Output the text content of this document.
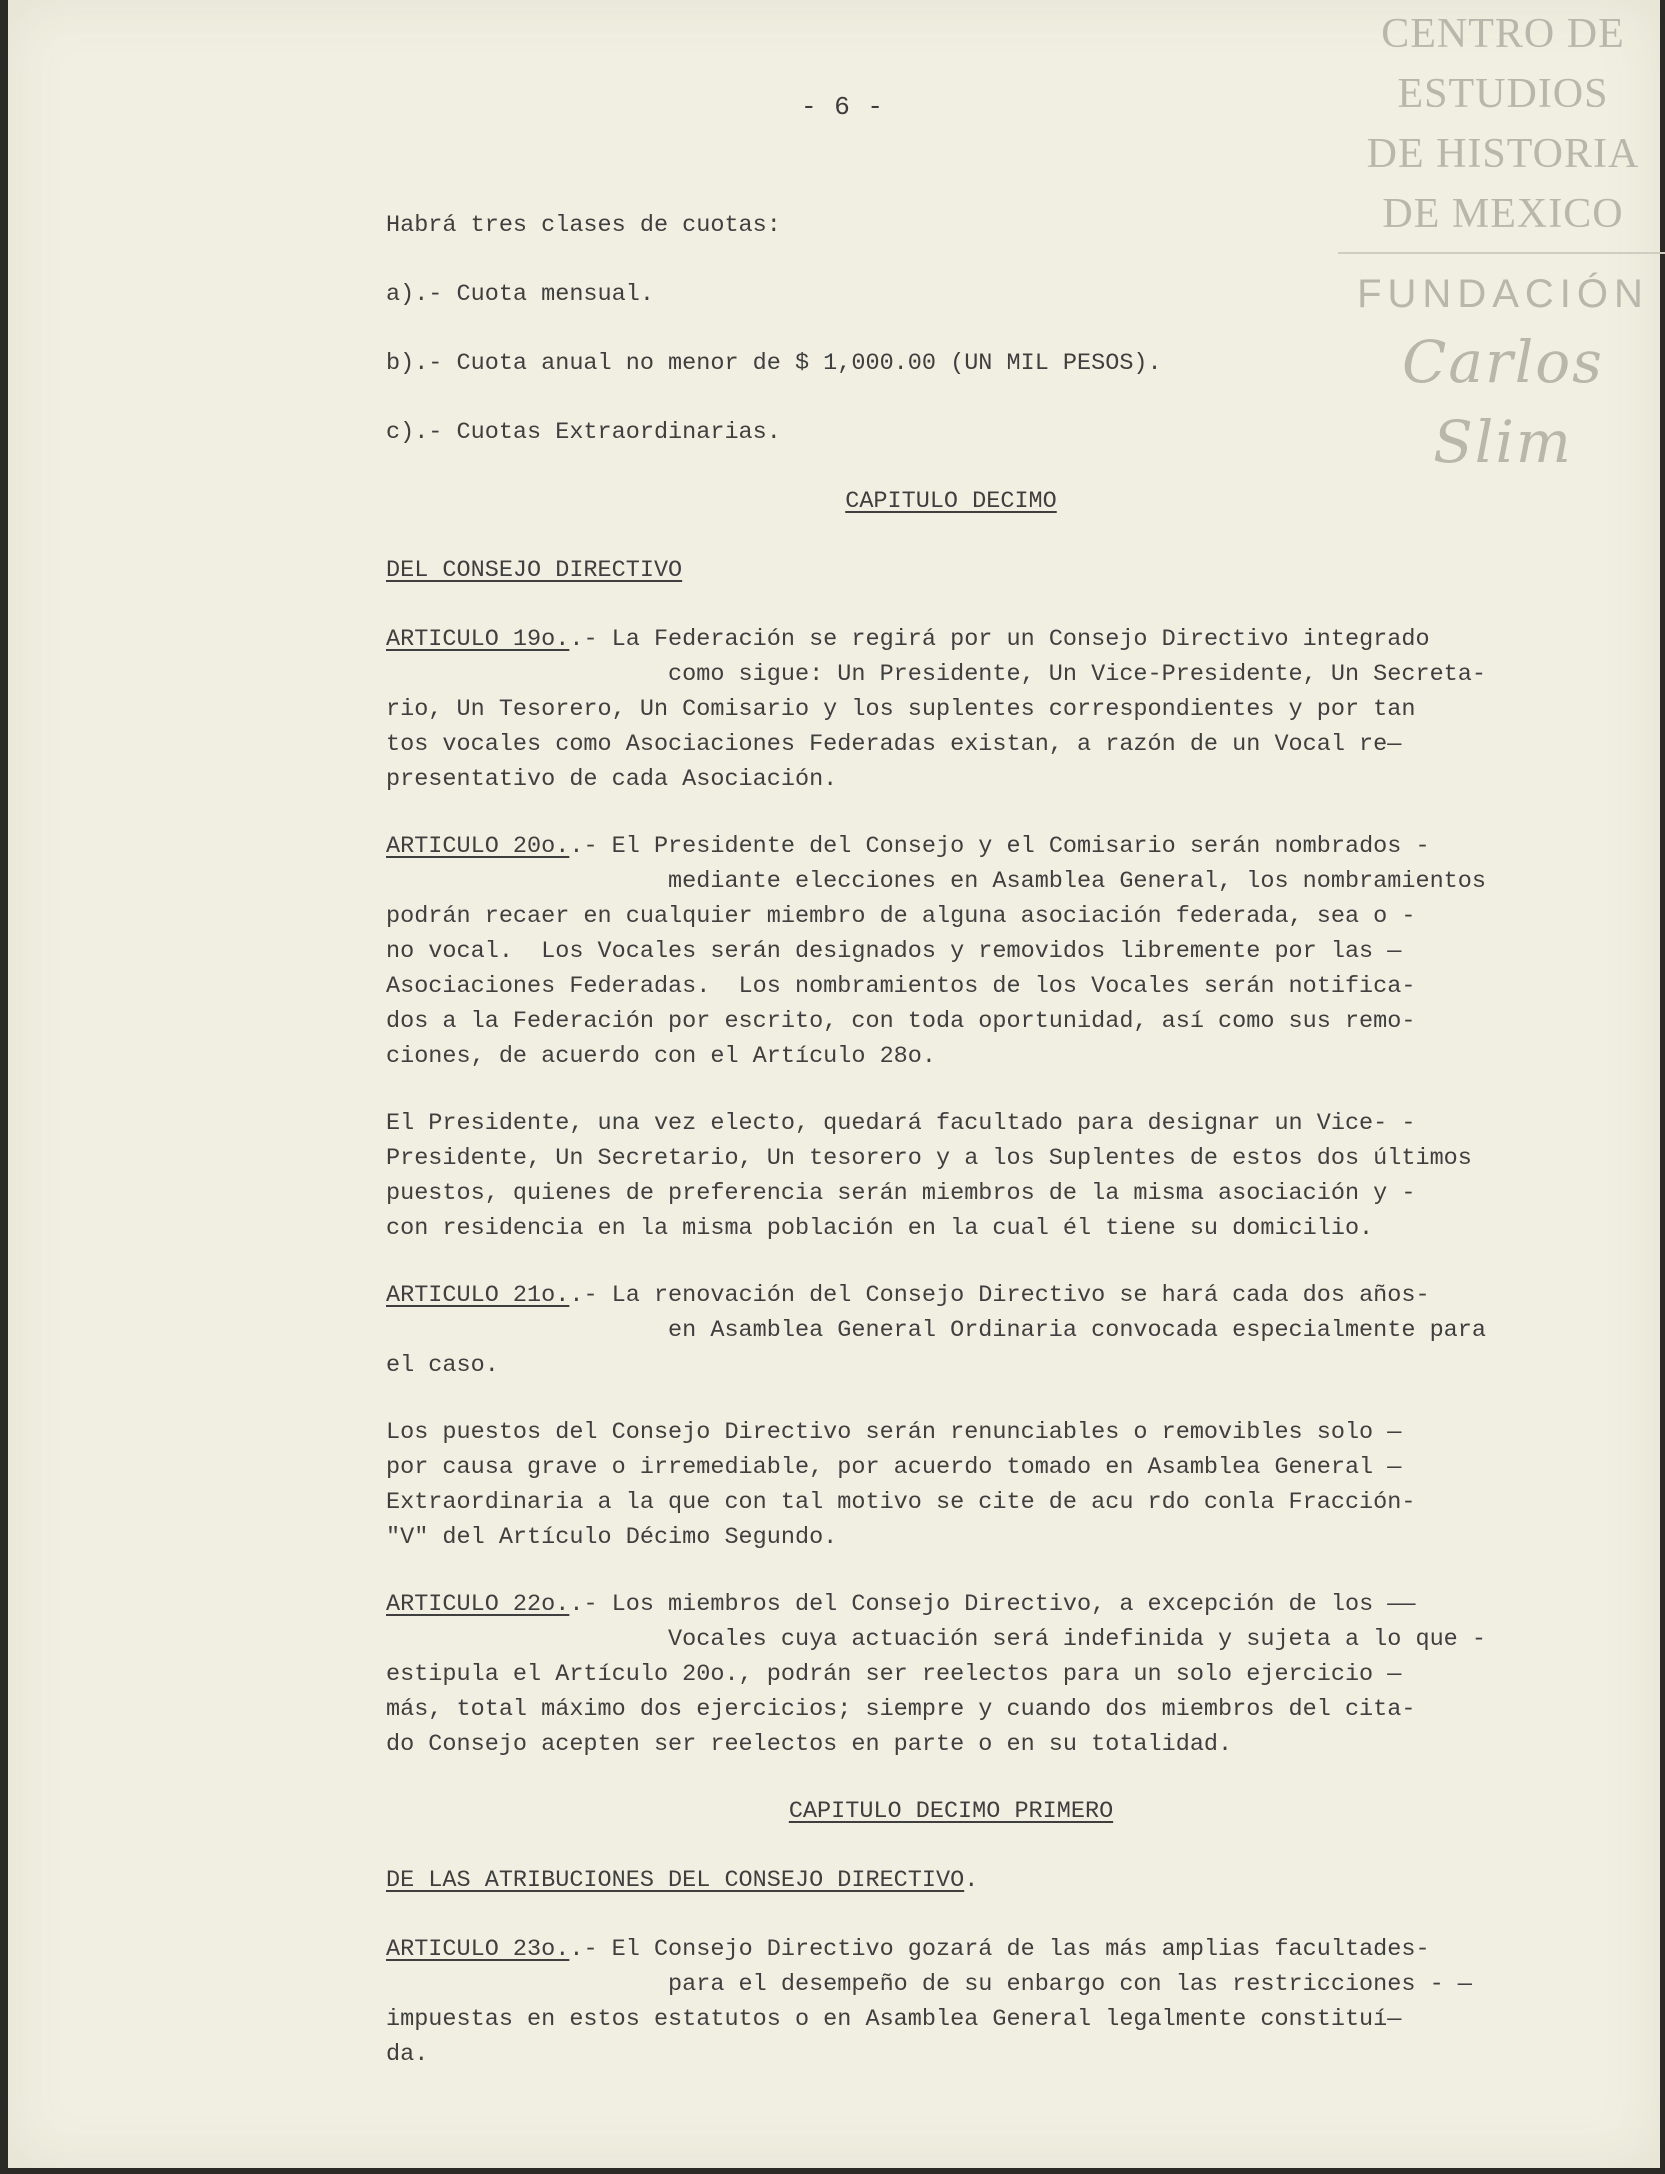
- 6 -
CENTRO DE
ESTUDIOS
DE HISTORIA
DE MEXICO
FUNDACIÓN
Carlos Slim

Habrá tres clases de cuotas:

a).- Cuota mensual.

b).- Cuota anual no menor de $ 1,000.00 (UN MIL PESOS).

c).- Cuotas Extraordinarias.

CAPITULO DECIMO

DEL CONSEJO DIRECTIVO

ARTICULO 19o..- La Federación se regirá por un Consejo Directivo integrado

como sigue: Un Presidente, Un Vice-Presidente, Un Secreta-

rio, Un Tesorero, Un Comisario y los suplentes correspondientes y por tan

tos vocales como Asociaciones Federadas existan, a razón de un Vocal re—

presentativo de cada Asociación.

ARTICULO 20o..- El Presidente del Consejo y el Comisario serán nombrados -

mediante elecciones en Asamblea General, los nombramientos

podrán recaer en cualquier miembro de alguna asociación federada, sea o -

no vocal.  Los Vocales serán designados y removidos libremente por las —

Asociaciones Federadas.  Los nombramientos de los Vocales serán notifica-

dos a la Federación por escrito, con toda oportunidad, así como sus remo-

ciones, de acuerdo con el Artículo 28o.

El Presidente, una vez electo, quedará facultado para designar un Vice- -

Presidente, Un Secretario, Un tesorero y a los Suplentes de estos dos últimos

puestos, quienes de preferencia serán miembros de la misma asociación y -

con residencia en la misma población en la cual él tiene su domicilio.

ARTICULO 21o..- La renovación del Consejo Directivo se hará cada dos años-

en Asamblea General Ordinaria convocada especialmente para

el caso.

Los puestos del Consejo Directivo serán renunciables o removibles solo —

por causa grave o irremediable, por acuerdo tomado en Asamblea General —

Extraordinaria a la que con tal motivo se cite de acu rdo conla Fracción-

"V" del Artículo Décimo Segundo.

ARTICULO 22o..- Los miembros del Consejo Directivo, a excepción de los ——

Vocales cuya actuación será indefinida y sujeta a lo que -

estipula el Artículo 20o., podrán ser reelectos para un solo ejercicio —

más, total máximo dos ejercicios; siempre y cuando dos miembros del cita-

do Consejo acepten ser reelectos en parte o en su totalidad.

CAPITULO DECIMO PRIMERO

DE LAS ATRIBUCIONES DEL CONSEJO DIRECTIVO.

ARTICULO 23o..- El Consejo Directivo gozará de las más amplias facultades-

para el desempeño de su enbargo con las restricciones - —

impuestas en estos estatutos o en Asamblea General legalmente constituí—

da.
